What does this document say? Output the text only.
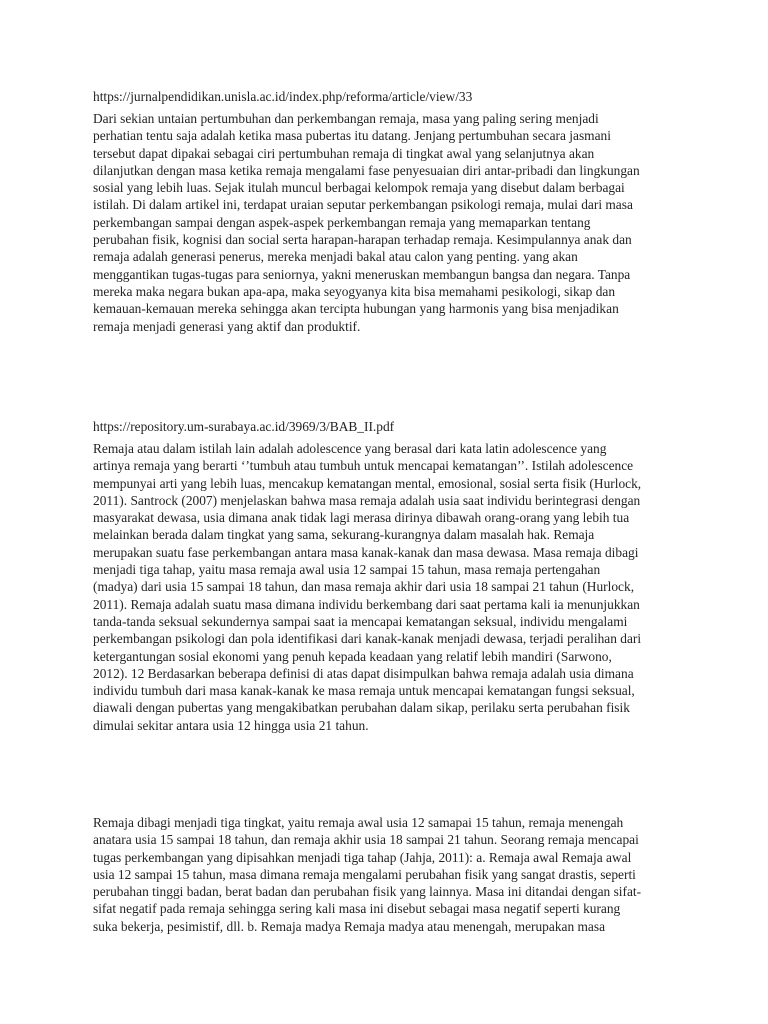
https://jurnalpendidikan.unisla.ac.id/index.php/reforma/article/view/33
Dari sekian untaian pertumbuhan dan perkembangan remaja, masa yang paling sering menjadi
perhatian tentu saja adalah ketika masa pubertas itu datang. Jenjang pertumbuhan secara jasmani
tersebut dapat dipakai sebagai ciri pertumbuhan remaja di tingkat awal yang selanjutnya akan
dilanjutkan dengan masa ketika remaja mengalami fase penyesuaian diri antar-pribadi dan lingkungan
sosial yang lebih luas. Sejak itulah muncul berbagai kelompok remaja yang disebut dalam berbagai
istilah. Di dalam artikel ini, terdapat uraian seputar perkembangan psikologi remaja, mulai dari masa
perkembangan sampai dengan aspek-aspek perkembangan remaja yang memaparkan tentang
perubahan fisik, kognisi dan social serta harapan-harapan terhadap remaja. Kesimpulannya anak dan
remaja adalah generasi penerus, mereka menjadi bakal atau calon yang penting. yang akan
menggantikan tugas-tugas para seniornya, yakni meneruskan membangun bangsa dan negara. Tanpa
mereka maka negara bukan apa-apa, maka seyogyanya kita bisa memahami pesikologi, sikap dan
kemauan-kemauan mereka sehingga akan tercipta hubungan yang harmonis yang bisa menjadikan
remaja menjadi generasi yang aktif dan produktif.
https://repository.um-surabaya.ac.id/3969/3/BAB_II.pdf
Remaja atau dalam istilah lain adalah adolescence yang berasal dari kata latin adolescence yang
artinya remaja yang berarti ‘’tumbuh atau tumbuh untuk mencapai kematangan’’. Istilah adolescence
mempunyai arti yang lebih luas, mencakup kematangan mental, emosional, sosial serta fisik (Hurlock,
2011). Santrock (2007) menjelaskan bahwa masa remaja adalah usia saat individu berintegrasi dengan
masyarakat dewasa, usia dimana anak tidak lagi merasa dirinya dibawah orang-orang yang lebih tua
melainkan berada dalam tingkat yang sama, sekurang-kurangnya dalam masalah hak. Remaja
merupakan suatu fase perkembangan antara masa kanak-kanak dan masa dewasa. Masa remaja dibagi
menjadi tiga tahap, yaitu masa remaja awal usia 12 sampai 15 tahun, masa remaja pertengahan
(madya) dari usia 15 sampai 18 tahun, dan masa remaja akhir dari usia 18 sampai 21 tahun (Hurlock,
2011). Remaja adalah suatu masa dimana individu berkembang dari saat pertama kali ia menunjukkan
tanda-tanda seksual sekundernya sampai saat ia mencapai kematangan seksual, individu mengalami
perkembangan psikologi dan pola identifikasi dari kanak-kanak menjadi dewasa, terjadi peralihan dari
ketergantungan sosial ekonomi yang penuh kepada keadaan yang relatif lebih mandiri (Sarwono,
2012). 12 Berdasarkan beberapa definisi di atas dapat disimpulkan bahwa remaja adalah usia dimana
individu tumbuh dari masa kanak-kanak ke masa remaja untuk mencapai kematangan fungsi seksual,
diawali dengan pubertas yang mengakibatkan perubahan dalam sikap, perilaku serta perubahan fisik
dimulai sekitar antara usia 12 hingga usia 21 tahun.
Remaja dibagi menjadi tiga tingkat, yaitu remaja awal usia 12 samapai 15 tahun, remaja menengah
anatara usia 15 sampai 18 tahun, dan remaja akhir usia 18 sampai 21 tahun. Seorang remaja mencapai
tugas perkembangan yang dipisahkan menjadi tiga tahap (Jahja, 2011): a. Remaja awal Remaja awal
usia 12 sampai 15 tahun, masa dimana remaja mengalami perubahan fisik yang sangat drastis, seperti
perubahan tinggi badan, berat badan dan perubahan fisik yang lainnya. Masa ini ditandai dengan sifat-
sifat negatif pada remaja sehingga sering kali masa ini disebut sebagai masa negatif seperti kurang
suka bekerja, pesimistif, dll. b. Remaja madya Remaja madya atau menengah, merupakan masa
